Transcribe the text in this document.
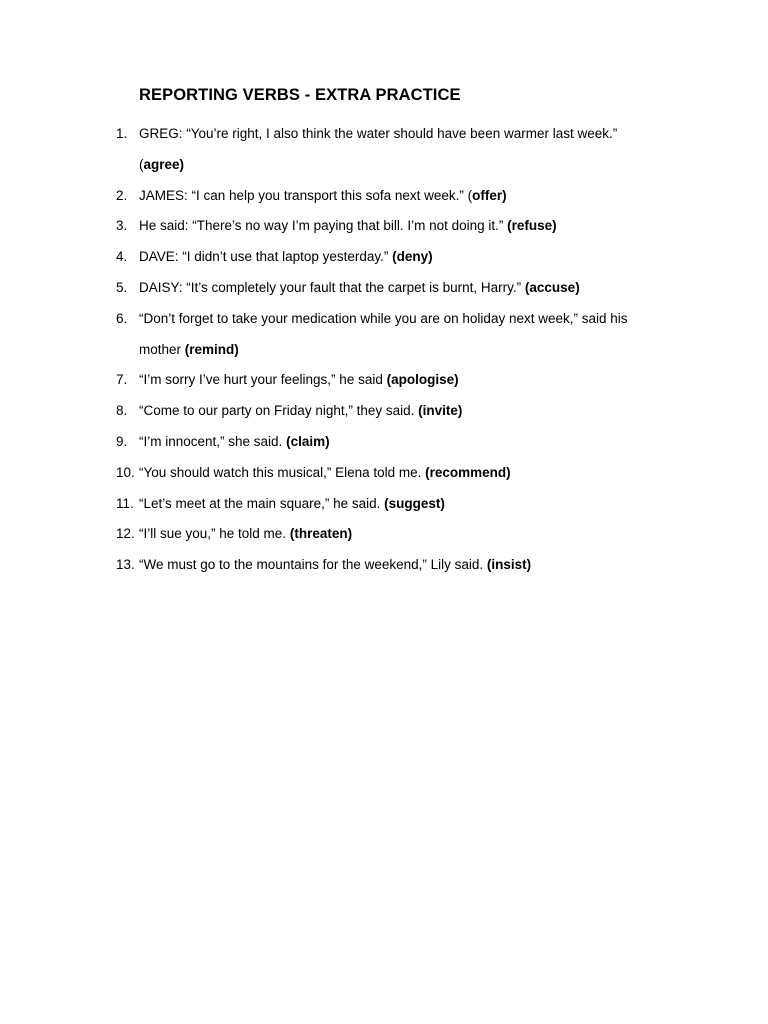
REPORTING VERBS - EXTRA PRACTICE
1. GREG: “You’re right, I also think the water should have been warmer last week.”
(agree)
2. JAMES: “I can help you transport this sofa next week.” (offer)
3. He said: “There’s no way I’m paying that bill. I’m not doing it.” (refuse)
4. DAVE: “I didn’t use that laptop yesterday.” (deny)
5. DAISY: “It’s completely your fault that the carpet is burnt, Harry.” (accuse)
6. “Don’t forget to take your medication while you are on holiday next week,” said his
mother (remind)
7. “I’m sorry I’ve hurt your feelings,” he said (apologise)
8. “Come to our party on Friday night,” they said. (invite)
9. “I’m innocent,” she said. (claim)
10. “You should watch this musical,” Elena told me. (recommend)
11. “Let’s meet at the main square,” he said. (suggest)
12. “I’ll sue you,” he told me. (threaten)
13. “We must go to the mountains for the weekend,” Lily said. (insist)
